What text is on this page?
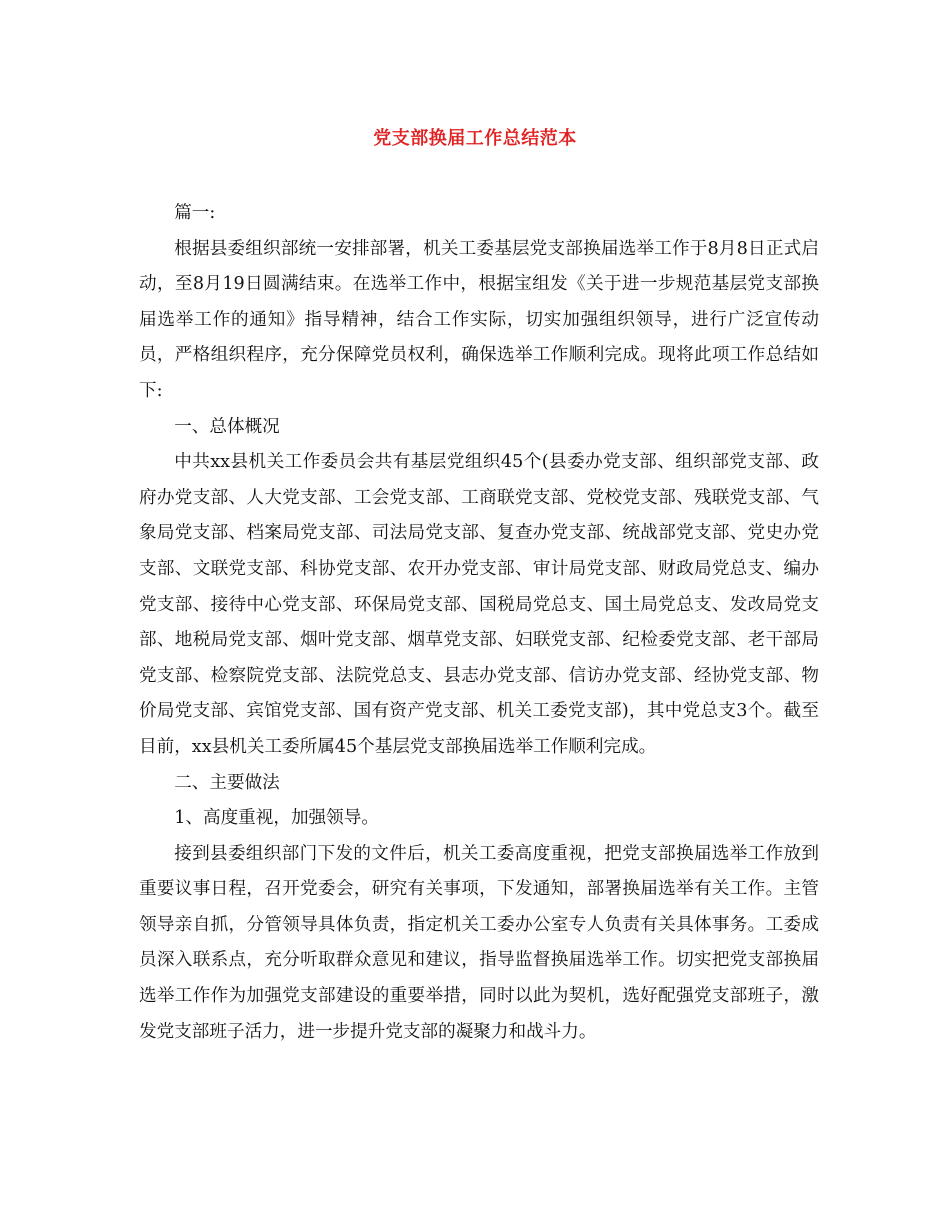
党支部换届工作总结范本

篇一:

根据县委组织部统一安排部署，机关工委基层党支部换届选举工作于8月8日正式启动，至8月19日圆满结束。在选举工作中，根据宝组发《关于进一步规范基层党支部换届选举工作的通知》指导精神，结合工作实际，切实加强组织领导，进行广泛宣传动员，严格组织程序，充分保障党员权利，确保选举工作顺利完成。现将此项工作总结如下:

一、总体概况

中共xx县机关工作委员会共有基层党组织45个(县委办党支部、组织部党支部、政府办党支部、人大党支部、工会党支部、工商联党支部、党校党支部、残联党支部、气象局党支部、档案局党支部、司法局党支部、复查办党支部、统战部党支部、党史办党支部、文联党支部、科协党支部、农开办党支部、审计局党支部、财政局党总支、编办党支部、接待中心党支部、环保局党支部、国税局党总支、国土局党总支、发改局党支部、地税局党支部、烟叶党支部、烟草党支部、妇联党支部、纪检委党支部、老干部局党支部、检察院党支部、法院党总支、县志办党支部、信访办党支部、经协党支部、物价局党支部、宾馆党支部、国有资产党支部、机关工委党支部)，其中党总支3个。截至目前，xx县机关工委所属45个基层党支部换届选举工作顺利完成。

二、主要做法

1、高度重视，加强领导。

接到县委组织部门下发的文件后，机关工委高度重视，把党支部换届选举工作放到重要议事日程，召开党委会，研究有关事项，下发通知，部署换届选举有关工作。主管领导亲自抓，分管领导具体负责，指定机关工委办公室专人负责有关具体事务。工委成员深入联系点，充分听取群众意见和建议，指导监督换届选举工作。切实把党支部换届选举工作作为加强党支部建设的重要举措，同时以此为契机，选好配强党支部班子，激发党支部班子活力，进一步提升党支部的凝聚力和战斗力。
